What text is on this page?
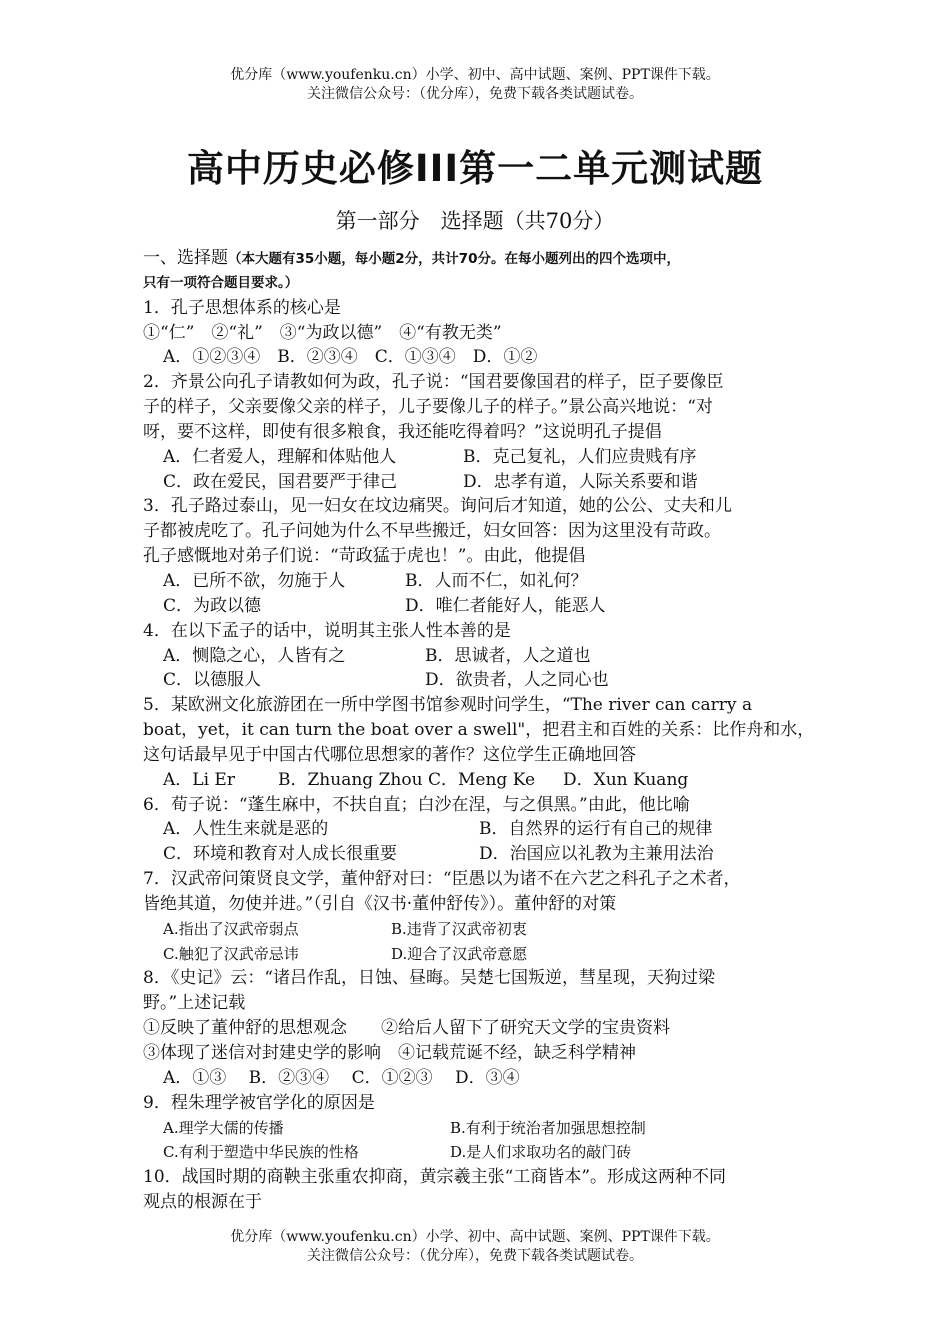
优分库（www.youfenku.cn）小学、初中、高中试题、案例、PPT课件下载。
关注微信公众号：（优分库），免费下载各类试题试卷。
高中历史必修III第一二单元测试题
第一部分　选择题（共70分）
一、选择题（本大题有35小题，每小题2分，共计70分。在每小题列出的四个选项中，
只有一项符合题目要求。）
1．孔子思想体系的核心是
①“仁”　②“礼”　③“为政以德”　④“有教无类”
A．①②③④　B．②③④　C．①③④　D．①②
2．齐景公向孔子请教如何为政，孔子说：“国君要像国君的样子，臣子要像臣
子的样子，父亲要像父亲的样子，儿子要像儿子的样子。”景公高兴地说：“对
呀，要不这样，即使有很多粮食，我还能吃得着吗？”这说明孔子提倡
A．仁者爱人，理解和体贴他人	B．克己复礼，人们应贵贱有序
C．政在爱民，国君要严于律己	D．忠孝有道，人际关系要和谐
3．孔子路过泰山，见一妇女在坟边痛哭。询问后才知道，她的公公、丈夫和儿
子都被虎吃了。孔子问她为什么不早些搬迁，妇女回答：因为这里没有苛政。
孔子感慨地对弟子们说：“苛政猛于虎也！”。由此，他提倡
A．已所不欲，勿施于人	B．人而不仁，如礼何？
C．为政以德	D．唯仁者能好人，能恶人
4．在以下孟子的话中，说明其主张人性本善的是
A．恻隐之心，人皆有之	B．思诚者，人之道也
C．以德服人	D．欲贵者，人之同心也
5．某欧洲文化旅游团在一所中学图书馆参观时问学生，“The river can carry a
boat，yet，it can turn the boat over a swell"，把君主和百姓的关系：比作舟和水，
这句话最早见于中国古代哪位思想家的著作？这位学生正确地回答
A．Li Er	B．Zhuang Zhou C．Meng Ke D．Xun Kuang
6．荀子说：“蓬生麻中，不扶自直；白沙在涅，与之俱黑。”由此，他比喻
A．人性生来就是恶的	B．自然界的运行有自己的规律
C．环境和教育对人成长很重要	D．治国应以礼教为主兼用法治
7．汉武帝问策贤良文学，董仲舒对曰：“臣愚以为诸不在六艺之科孔子之术者，
皆绝其道，勿使并进。”（引自《汉书·董仲舒传》）。董仲舒的对策
A.指出了汉武帝弱点	B.违背了汉武帝初衷
C.触犯了汉武帝忌讳	D.迎合了汉武帝意愿
8．《史记》云：“诸吕作乱，日蚀、昼晦。吴楚七国叛逆，彗星现，天狗过梁
野。”上述记载
①反映了董仲舒的思想观念　　②给后人留下了研究天文学的宝贵资料
③体现了迷信对封建史学的影响　④记载荒诞不经，缺乏科学精神
A．①③　 B．②③④　 C．①②③　 D．③④
9．程朱理学被官学化的原因是
A.理学大儒的传播	B.有利于统治者加强思想控制
C.有利于塑造中华民族的性格	D.是人们求取功名的敲门砖
10．战国时期的商鞅主张重农抑商，黄宗羲主张“工商皆本”。形成这两种不同
观点的根源在于
优分库（www.youfenku.cn）小学、初中、高中试题、案例、PPT课件下载。
关注微信公众号：（优分库），免费下载各类试题试卷。
